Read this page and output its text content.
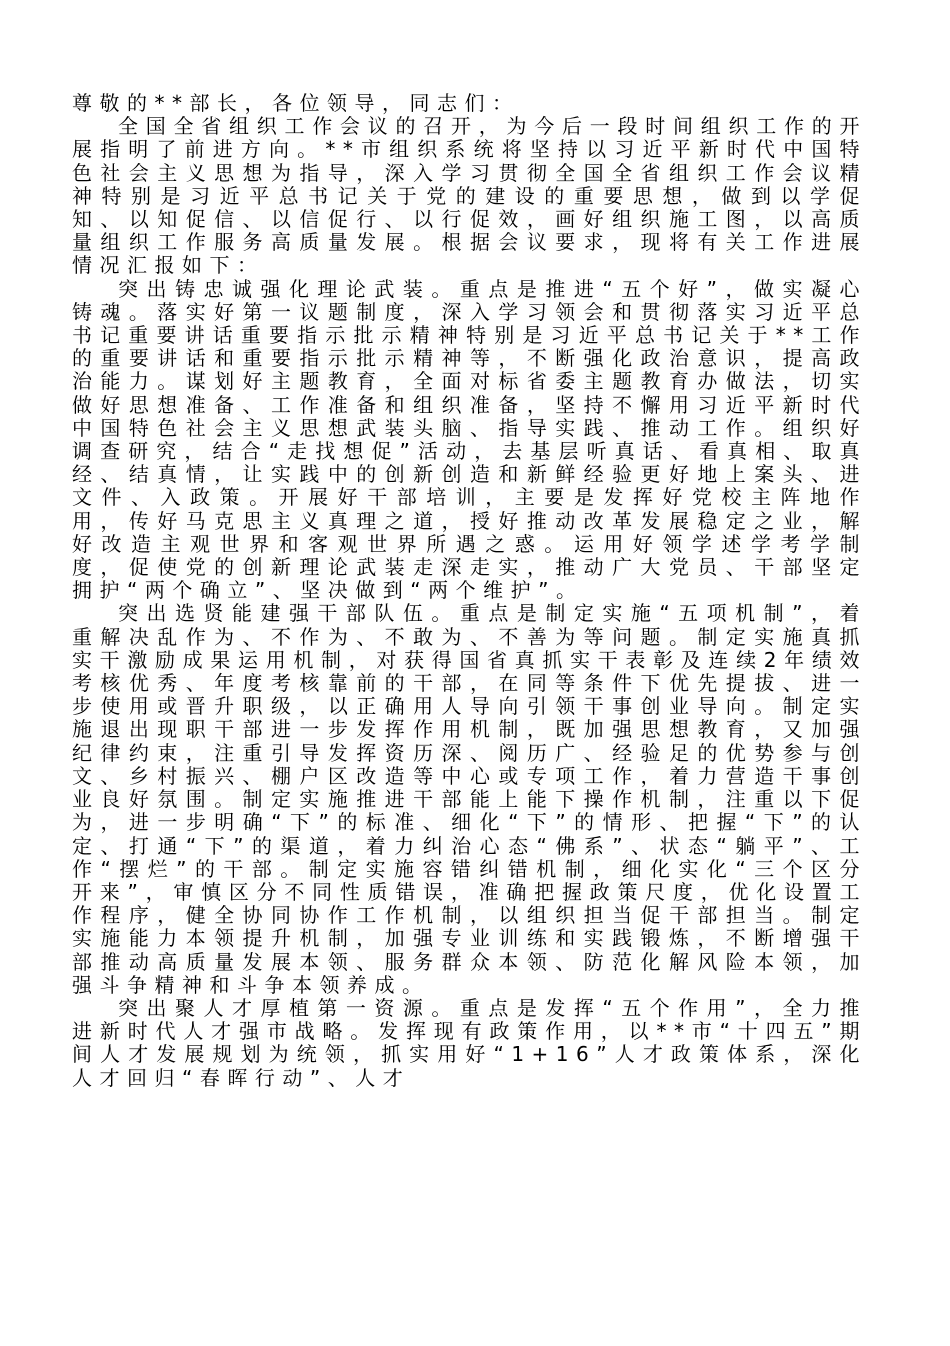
尊敬的**部长，各位领导，同志们：

全国全省组织工作会议的召开，为今后一段时间组织工作的开展指明了前进方向。**市组织系统将坚持以习近平新时代中国特色社会主义思想为指导，深入学习贯彻全国全省组织工作会议精神特别是习近平总书记关于党的建设的重要思想，做到以学促知、以知促信、以信促行、以行促效，画好组织施工图，以高质量组织工作服务高质量发展。根据会议要求，现将有关工作进展情况汇报如下：

突出铸忠诚强化理论武装。重点是推进“五个好”，做实凝心铸魂。落实好第一议题制度，深入学习领会和贯彻落实习近平总书记重要讲话重要指示批示精神特别是习近平总书记关于**工作的重要讲话和重要指示批示精神等，不断强化政治意识，提高政治能力。谋划好主题教育，全面对标省委主题教育办做法，切实做好思想准备、工作准备和组织准备，坚持不懈用习近平新时代中国特色社会主义思想武装头脑、指导实践、推动工作。组织好调查研究，结合“走找想促”活动，去基层听真话、看真相、取真经、结真情，让实践中的创新创造和新鲜经验更好地上案头、进文件、入政策。开展好干部培训，主要是发挥好党校主阵地作用，传好马克思主义真理之道，授好推动改革发展稳定之业，解好改造主观世界和客观世界所遇之惑。运用好领学述学考学制度，促使党的创新理论武装走深走实，推动广大党员、干部坚定拥护“两个确立”、坚决做到“两个维护”。

突出选贤能建强干部队伍。重点是制定实施“五项机制”，着重解决乱作为、不作为、不敢为、不善为等问题。制定实施真抓实干激励成果运用机制，对获得国省真抓实干表彰及连续2年绩效考核优秀、年度考核靠前的干部，在同等条件下优先提拔、进一步使用或晋升职级，以正确用人导向引领干事创业导向。制定实施退出现职干部进一步发挥作用机制，既加强思想教育，又加强纪律约束，注重引导发挥资历深、阅历广、经验足的优势参与创文、乡村振兴、棚户区改造等中心或专项工作，着力营造干事创业良好氛围。制定实施推进干部能上能下操作机制，注重以下促为，进一步明确“下”的标准、细化“下”的情形、把握“下”的认定、打通“下”的渠道，着力纠治心态“佛系”、状态“躺平”、工作“摆烂”的干部。制定实施容错纠错机制，细化实化“三个区分开来”，审慎区分不同性质错误，准确把握政策尺度，优化设置工作程序，健全协同协作工作机制，以组织担当促干部担当。制定实施能力本领提升机制，加强专业训练和实践锻炼，不断增强干部推动高质量发展本领、服务群众本领、防范化解风险本领，加强斗争精神和斗争本领养成。

突出聚人才厚植第一资源。重点是发挥“五个作用”，全力推进新时代人才强市战略。发挥现有政策作用，以**市“十四五”期间人才发展规划为统领，抓实用好“1+16”人才政策体系，深化人才回归“春晖行动”、人才
